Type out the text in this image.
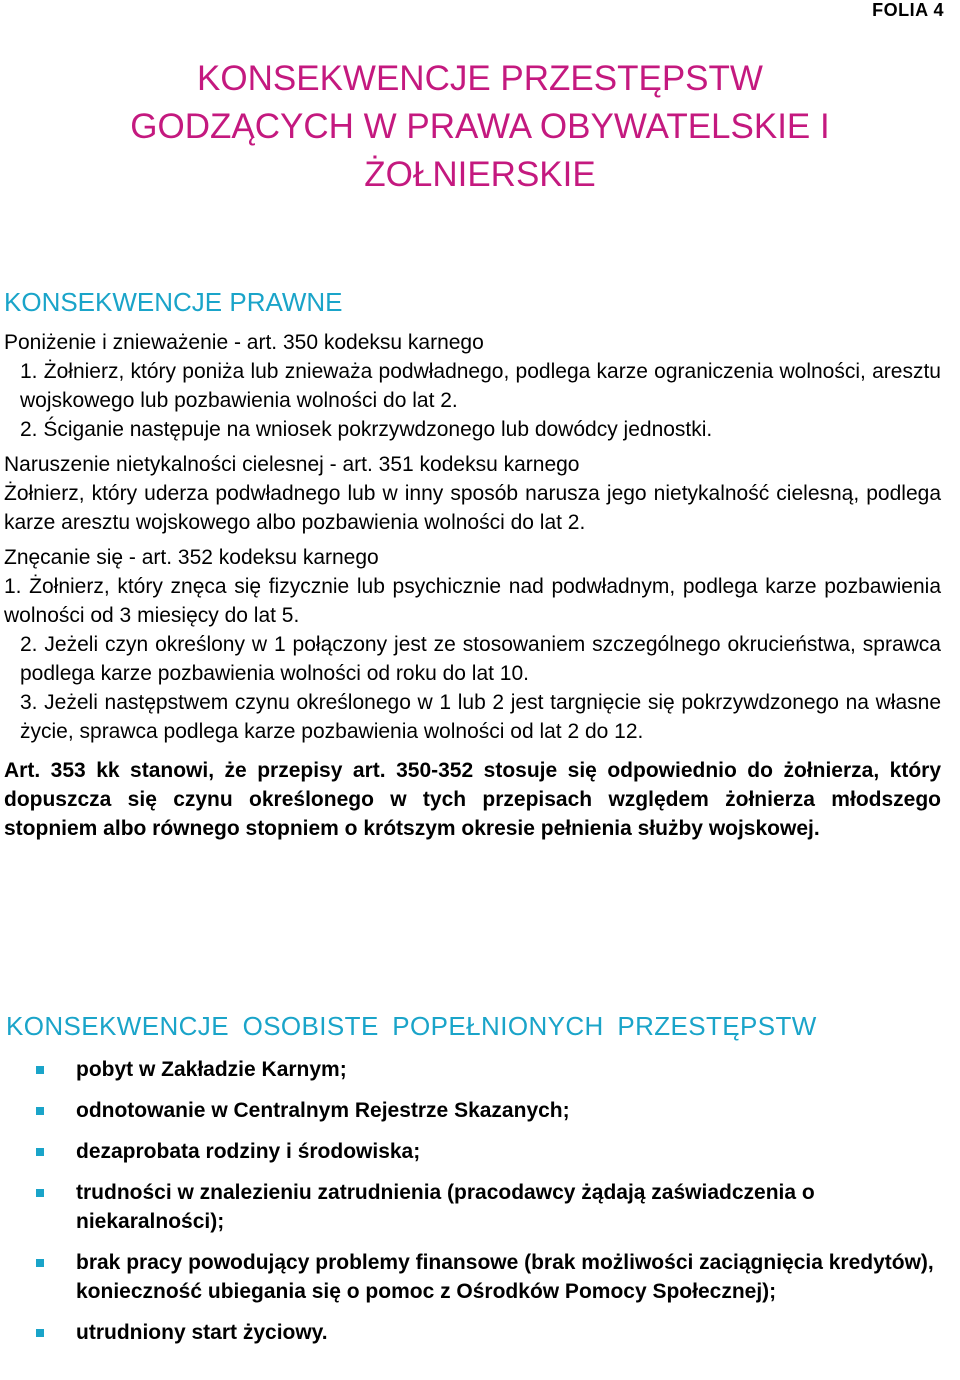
FOLIA 4
KONSEKWENCJE PRZESTĘPSTW
GODZĄCYCH W PRAWA OBYWATELSKIE I
ŻOŁNIERSKIE
KONSEKWENCJE PRAWNE

Poniżenie i znieważenie - art. 350 kodeksu karnego

1. Żołnierz, który poniża lub znieważa podwładnego, podlega karze ograniczenia wolności, aresztu wojskowego lub pozbawienia wolności do lat 2.

2. Ściganie następuje na wniosek pokrzywdzonego lub dowódcy jednostki.

Naruszenie nietykalności cielesnej - art. 351 kodeksu karnego

Żołnierz, który uderza podwładnego lub w inny sposób narusza jego nietykalność cielesną, podlega karze aresztu wojskowego albo pozbawienia wolności do lat 2.

Znęcanie się - art. 352 kodeksu karnego

1. Żołnierz, który znęca się fizycznie lub psychicznie nad podwładnym, podlega karze pozbawienia wolności od 3 miesięcy do lat 5.

2. Jeżeli czyn określony w 1 połączony jest ze stosowaniem szczególnego okrucieństwa, sprawca podlega karze pozbawienia wolności od roku do lat 10.

3. Jeżeli następstwem czynu określonego w 1 lub 2 jest targnięcie się pokrzywdzonego na własne życie, sprawca podlega karze pozbawienia wolności od lat 2 do 12.

Art. 353 kk stanowi, że przepisy art. 350-352 stosuje się odpowiednio do żołnierza, który dopuszcza się czynu określonego w tych przepisach względem żołnierza młodszego stopniem albo równego stopniem o krótszym okresie pełnienia służby wojskowej.

KONSEKWENCJE OSOBISTE POPEŁNIONYCH PRZESTĘPSTW
pobyt w Zakładzie Karnym;
odnotowanie w Centralnym Rejestrze Skazanych;
dezaprobata rodziny i środowiska;
trudności w znalezieniu zatrudnienia (pracodawcy żądają zaświadczenia o niekaralności);
brak pracy powodujący problemy finansowe (brak możliwości zaciągnięcia kredytów), konieczność ubiegania się o pomoc z Ośrodków Pomocy Społecznej);
utrudniony start życiowy.
